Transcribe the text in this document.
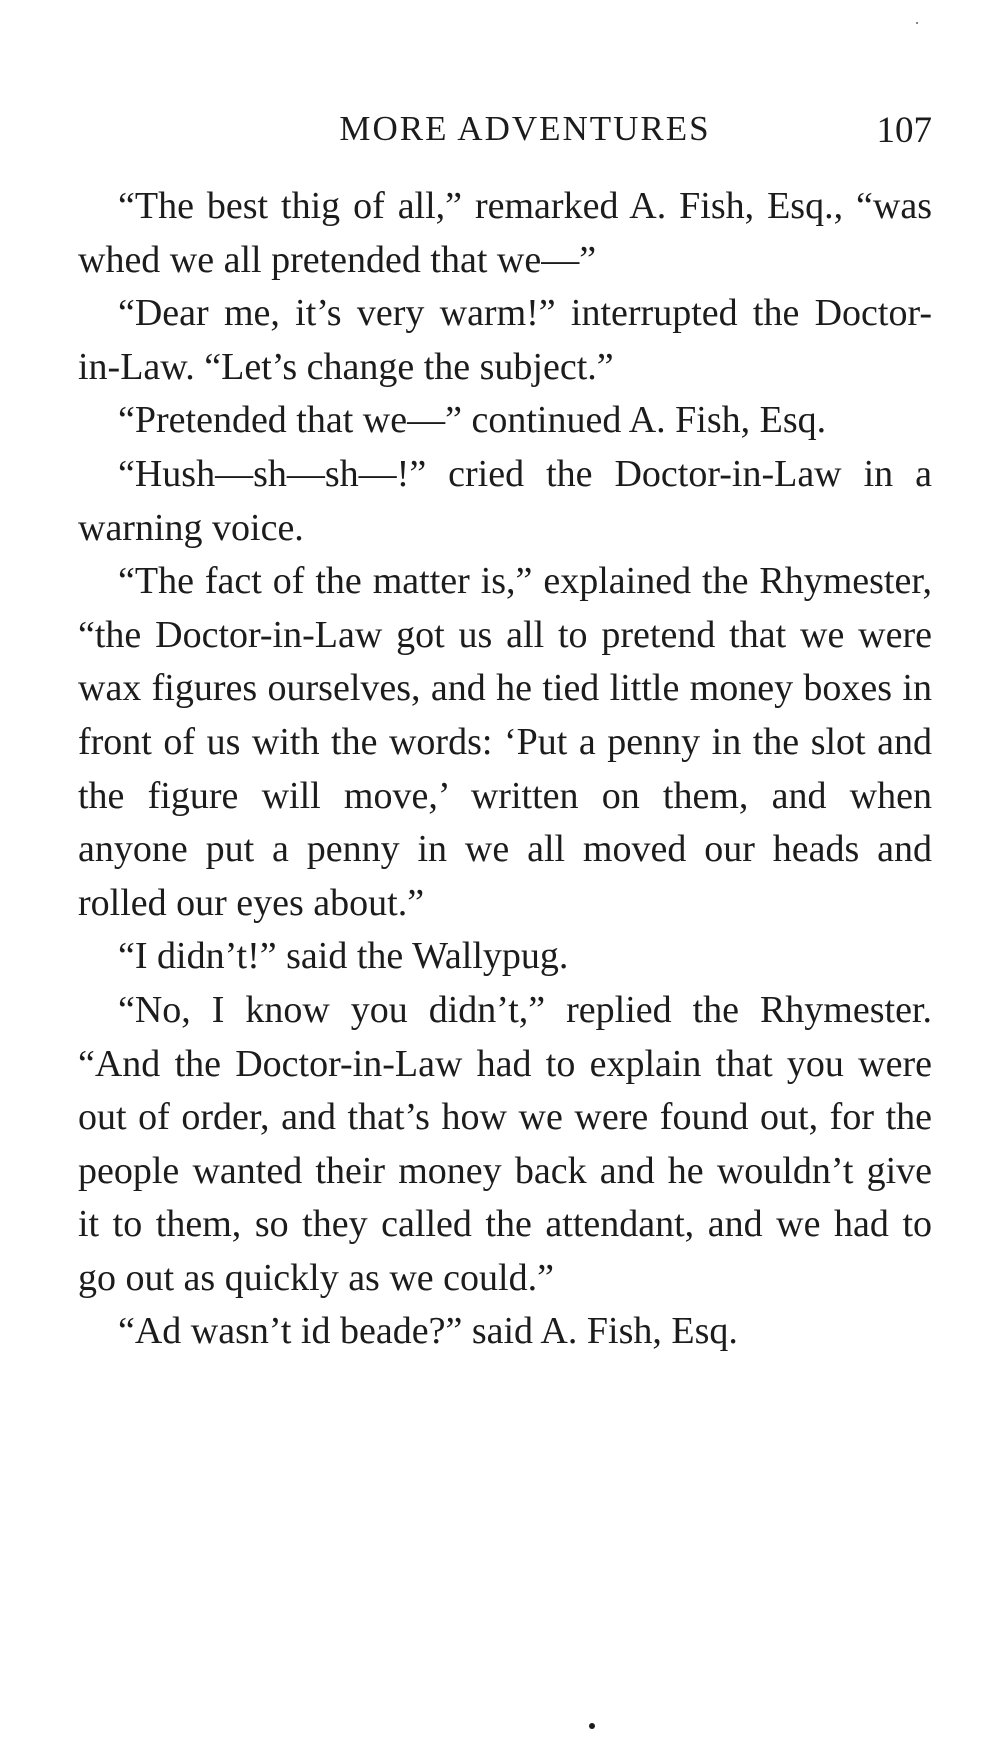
MORE ADVENTURES	107

“The best thig of all,” remarked A. Fish, Esq., “was whed we all pretended that we—”

“Dear me, it’s very warm!” interrupted the Doctor-in-Law. “Let’s change the subject.”

“Pretended that we—” continued A. Fish, Esq.

“Hush—sh—sh—!” cried the Doctor-in-Law in a warning voice.

“The fact of the matter is,” explained the Rhymester, “the Doctor-in-Law got us all to pretend that we were wax figures ourselves, and he tied little money boxes in front of us with the words: ‘Put a penny in the slot and the figure will move,’ written on them, and when anyone put a penny in we all moved our heads and rolled our eyes about.”

“I didn’t!” said the Wallypug.

“No, I know you didn’t,” replied the Rhymester. “And the Doctor-in-Law had to explain that you were out of order, and that’s how we were found out, for the people wanted their money back and he wouldn’t give it to them, so they called the attendant, and we had to go out as quickly as we could.”

“Ad wasn’t id beade?” said A. Fish, Esq.
